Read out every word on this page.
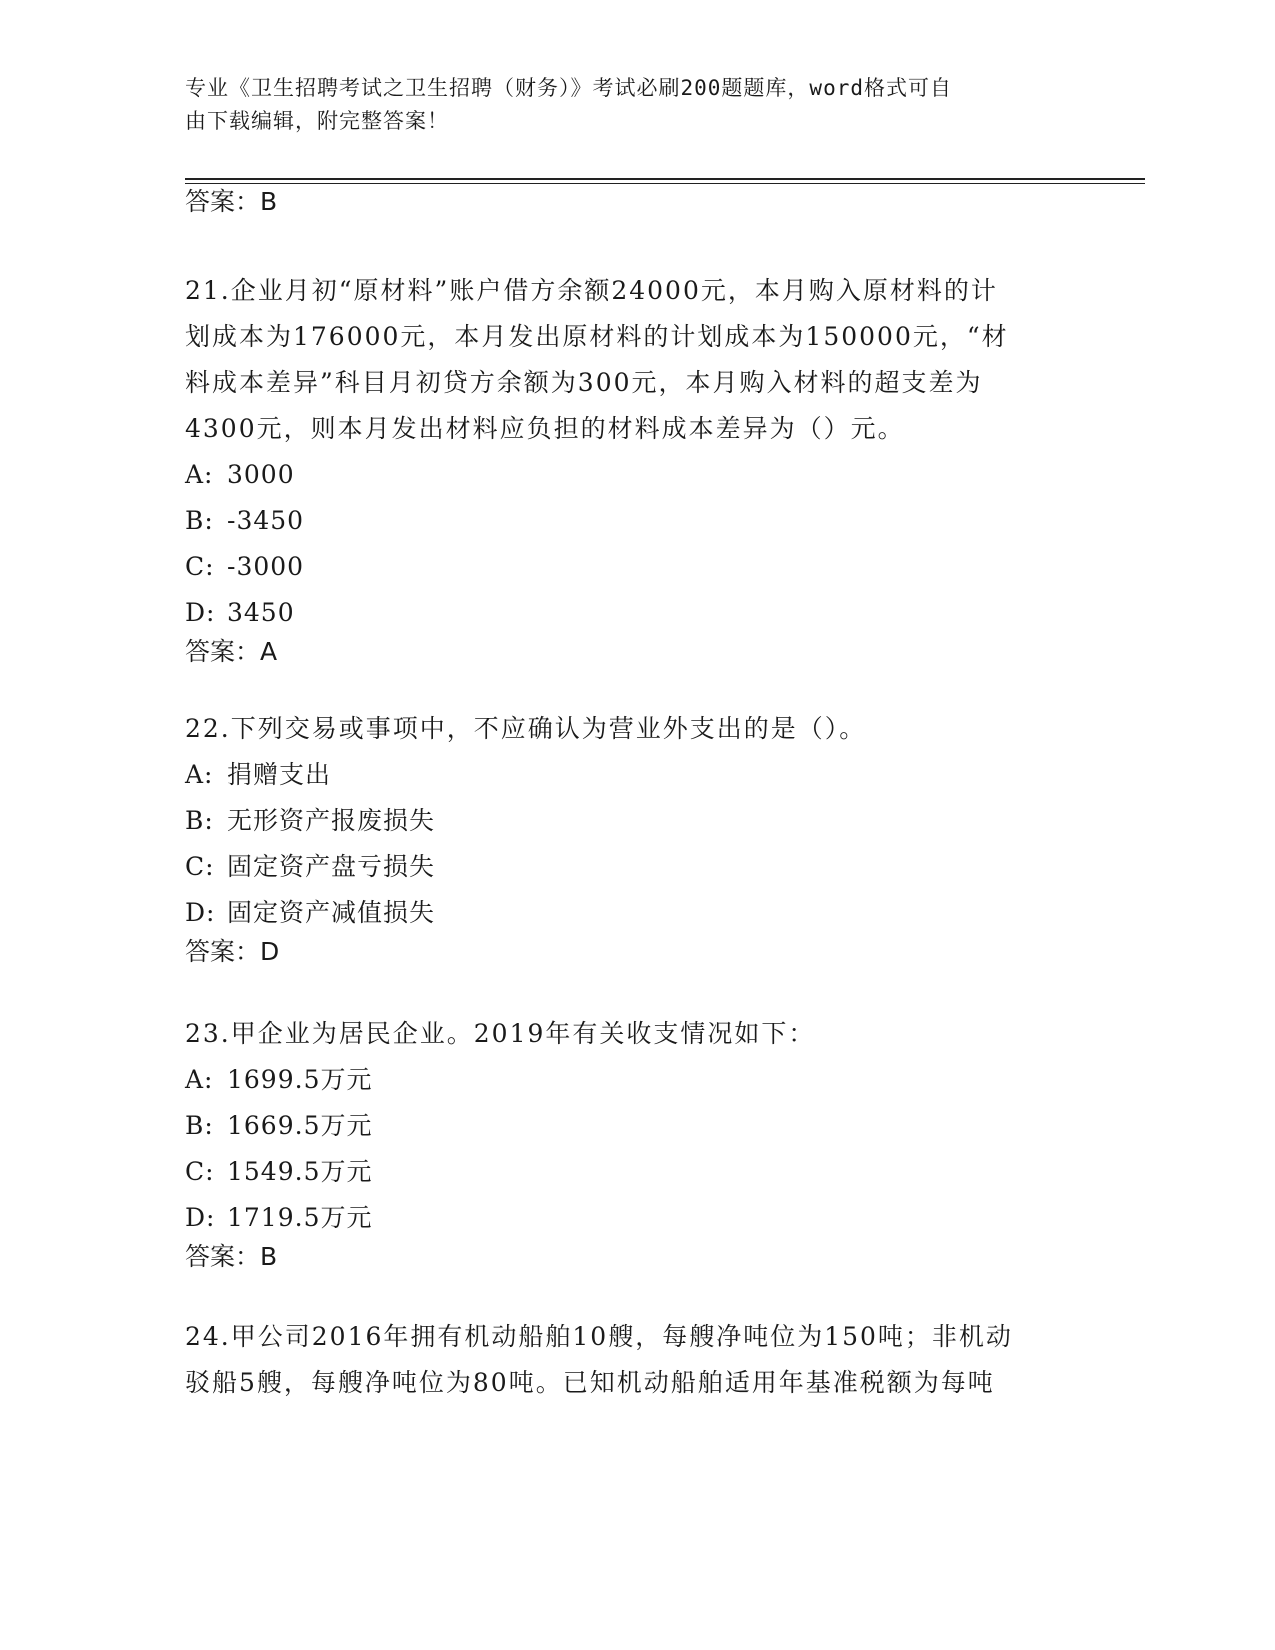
专业《卫生招聘考试之卫生招聘（财务）》考试必刷200题题库，word格式可自
由下载编辑，附完整答案！
答案：B
21.企业月初“原材料”账户借方余额24000元，本月购入原材料的计
划成本为176000元，本月发出原材料的计划成本为150000元，“材
料成本差异”科目月初贷方余额为300元，本月购入材料的超支差为
4300元，则本月发出材料应负担的材料成本差异为（）元。
A: 3000
B: -3450
C: -3000
D: 3450
答案：A
22.下列交易或事项中，不应确认为营业外支出的是（）。
A: 捐赠支出
B: 无形资产报废损失
C: 固定资产盘亏损失
D: 固定资产减值损失
答案：D
23.甲企业为居民企业。2019年有关收支情况如下：
A: 1699.5万元
B: 1669.5万元
C: 1549.5万元
D: 1719.5万元
答案：B
24.甲公司2016年拥有机动船舶10艘，每艘净吨位为150吨；非机动
驳船5艘，每艘净吨位为80吨。已知机动船舶适用年基准税额为每吨
